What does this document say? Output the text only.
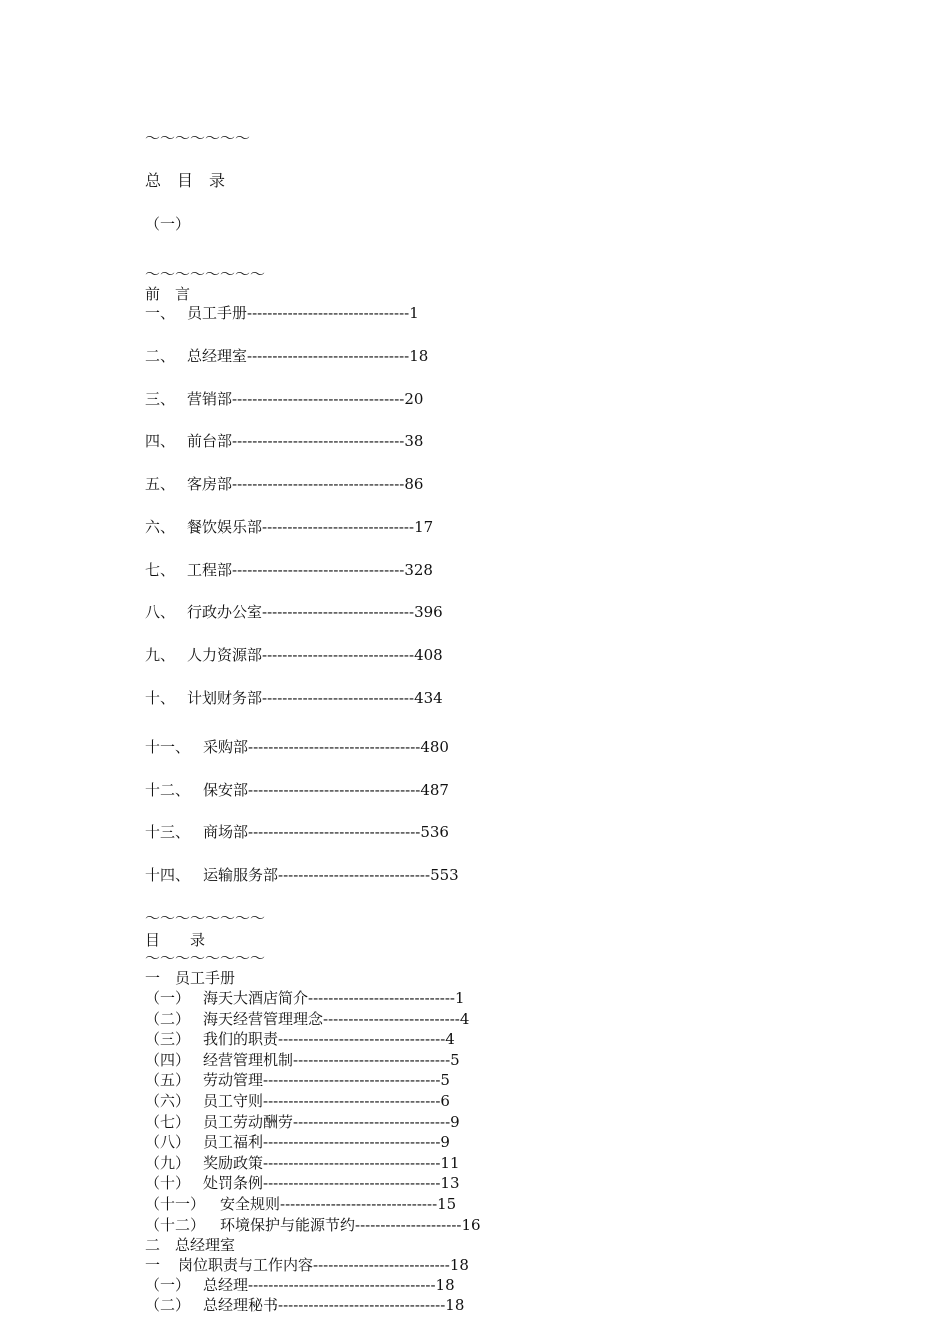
～～～～～～～
总　目　录
（一）
～～～～～～～～
前　言
一、 员工手册--------------------------------1
二、 总经理室--------------------------------18
三、 营销部----------------------------------20
四、 前台部----------------------------------38
五、 客房部----------------------------------86
六、 餐饮娱乐部------------------------------17
七、 工程部----------------------------------328
八、 行政办公室------------------------------396
九、 人力资源部------------------------------408
十、 计划财务部------------------------------434
十一、 采购部----------------------------------480
十二、 保安部----------------------------------487
十三、 商场部----------------------------------536
十四、 运输服务部------------------------------553
～～～～～～～～
目　　录
～～～～～～～～
一　员工手册
（一） 海天大酒店简介-----------------------------1
（二） 海天经营管理理念---------------------------4
（三） 我们的职责---------------------------------4
（四） 经营管理机制-------------------------------5
（五） 劳动管理-----------------------------------5
（六） 员工守则-----------------------------------6
（七） 员工劳动酬劳-------------------------------9
（八） 员工福利-----------------------------------9
（九） 奖励政策-----------------------------------11
（十） 处罚条例-----------------------------------13
（十一） 安全规则-------------------------------15
（十二） 环境保护与能源节约---------------------16
二　总经理室
一 岗位职责与工作内容---------------------------18
（一） 总经理-------------------------------------18
（二） 总经理秘书---------------------------------18
